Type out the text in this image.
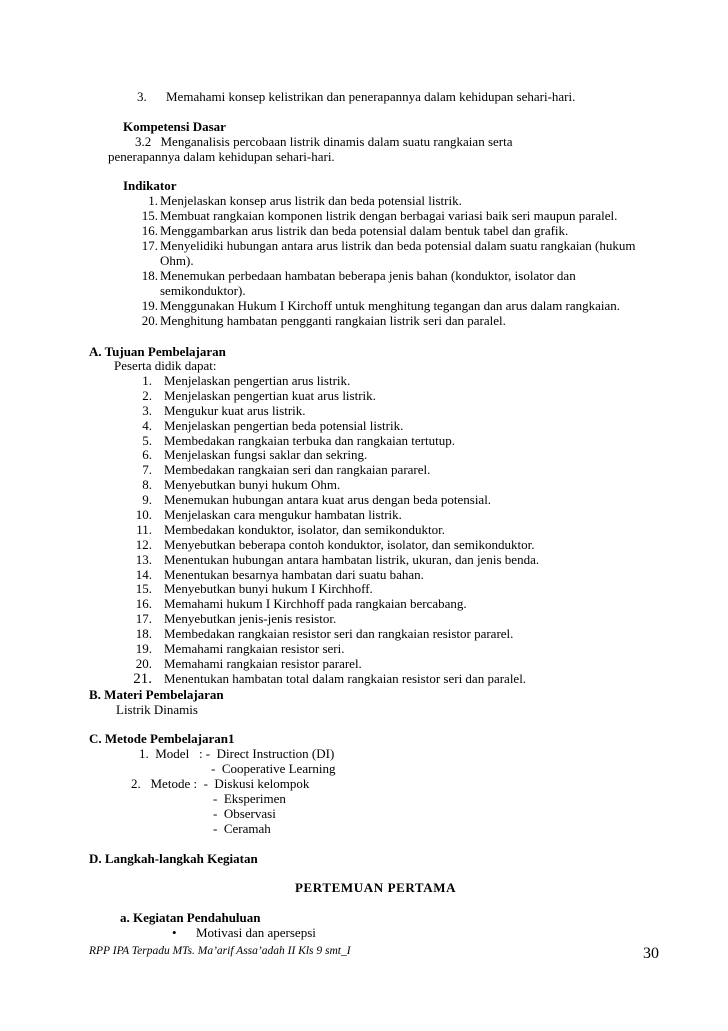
3. Memahami konsep kelistrikan dan penerapannya dalam kehidupan sehari-hari.
Kompetensi Dasar
3.2 Menganalisis percobaan listrik dinamis dalam suatu rangkaian serta
penerapannya dalam kehidupan sehari-hari.
Indikator
1. Menjelaskan konsep arus listrik dan beda potensial listrik.
15. Membuat rangkaian komponen listrik dengan berbagai variasi baik seri maupun paralel.
16. Menggambarkan arus listrik dan beda potensial dalam bentuk tabel dan grafik.
17. Menyelidiki hubungan antara arus listrik dan beda potensial dalam suatu rangkaian (hukum
Ohm).
18. Menemukan perbedaan hambatan beberapa jenis bahan (konduktor, isolator dan
semikonduktor).
19. Menggunakan Hukum I Kirchoff untuk menghitung tegangan dan arus dalam rangkaian.
20. Menghitung hambatan pengganti rangkaian listrik seri dan paralel.
A. Tujuan Pembelajaran
Peserta didik dapat:
1. Menjelaskan pengertian arus listrik.
2. Menjelaskan pengertian kuat arus listrik.
3. Mengukur kuat arus listrik.
4. Menjelaskan pengertian beda potensial listrik.
5. Membedakan rangkaian terbuka dan rangkaian tertutup.
6. Menjelaskan fungsi saklar dan sekring.
7. Membedakan rangkaian seri dan rangkaian pararel.
8. Menyebutkan bunyi hukum Ohm.
9. Menemukan hubungan antara kuat arus dengan beda potensial.
10. Menjelaskan cara mengukur hambatan listrik.
11. Membedakan konduktor, isolator, dan semikonduktor.
12. Menyebutkan beberapa contoh konduktor, isolator, dan semikonduktor.
13. Menentukan hubungan antara hambatan listrik, ukuran, dan jenis benda.
14. Menentukan besarnya hambatan dari suatu bahan.
15. Menyebutkan bunyi hukum I Kirchhoff.
16. Memahami hukum I Kirchhoff pada rangkaian bercabang.
17. Menyebutkan jenis-jenis resistor.
18. Membedakan rangkaian resistor seri dan rangkaian resistor pararel.
19. Memahami rangkaian resistor seri.
20. Memahami rangkaian resistor pararel.
21. Menentukan hambatan total dalam rangkaian resistor seri dan paralel.
B. Materi Pembelajaran
Listrik Dinamis
C. Metode Pembelajaran1
1.  Model   : -  Direct Instruction (DI)
-  Cooperative Learning
2.   Metode :  -  Diskusi kelompok
-  Eksperimen
-  Observasi
-  Ceramah
D. Langkah-langkah Kegiatan
PERTEMUAN PERTAMA
a. Kegiatan Pendahuluan
• Motivasi dan apersepsi
RPP IPA Terpadu MTs. Ma’arif Assa’adah II Kls 9 smt_I	30
